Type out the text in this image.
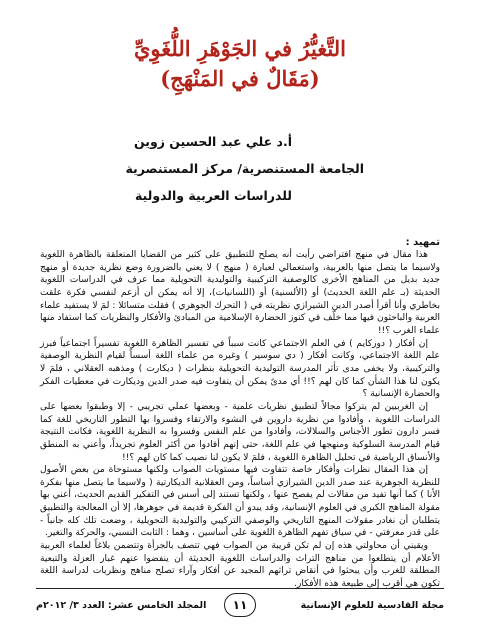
التَّغيُّرُ في الجَوْهَرِ اللُّغَوِيِّ

(مَقَالٌ في المَنْهَجِ)

أ.د علي عبد الحسين زوين

الجامعة المستنصرية/ مركز المستنصرية

للدراسات العربية والدولية

تمهيد :

هذا مقال في منهج افتراضي رأيت أنه يصلح للتطبيق على كثير من القضايا المتعلقة بالظاهرة اللغوية ولاسيما ما يتصل منها بالعربية، واستعمالي لعبارة ( منهج ) لا يعني بالضرورة وضع نظرية جديدة أو منهج جديد بديل من المناهج الأخرى كالوصفية التركيبية والتوليدية التحويلية مما عرف في الدراسات اللغوية الحديثة (بـ علم اللغة الحديث) أو (الألسنية) أو (اللسانيات)، إلا أنه يمكن أن أزعم لنفسي فكرة علقت بخاطري وأنا أقرأ أصدر الدين الشيرازي نظريته في ( التحرك الجوهري ) فقلت متسائلا : لمَ لا يستفيد علماء العربية والباحثون فيها مما خلّف في كنوز الحضارة الإسلامية من المبادئ والأفكار والنظريات كما استفاد منها علماء الغرب ؟!!

إن أفكار ( دوركايم ) في العلم الاجتماعي كانت سبباً في تفسير الظاهرة اللغوية تفسيراً اجتماعياً فبرز علم اللغة الاجتماعي، وكانت أفكار ( دي سوسير ) وغيره من علماء اللغة أسساً لقيام النظرية الوصفية والتركيبية، ولا يخفى مدى تأثر المدرسة التوليدية التحويلية بنظرات ( ديكارت ) ومذهبه العقلاني ، فلمَ لا يكون لنا هذا الشأن كما كان لهم ؟!! أي مدىً يمكن أن يتفاوت فيه صدر الدين وديكارت في معطيات الفكر والحضارة الإنسانية ؟

إن الغربيين لم يتركوا مجالاً لتطبيق نظريات علمية - وبعضها عملي تجريبي - إلا وطبقوا بعضها على الدراسات اللغوية ، وأفادوا من نظرية داروين في النشوء والارتقاء وفسروا بها التطور التاريخي للغة كما فسر دارون تطور الأجناس والسلالات، وأفادوا من علم النفس وفسروا به النظرية اللغوية، فكانت النتيجة قيام المدرسة السلوكية ومنهجها في علم اللغة، حتى إنهم أفادوا من أكثر العلوم تجريداً، وأعني به المنطق والأنساق الرياضية في تحليل الظاهرة اللغوية ، فلمَ لا يكون لنا نصيب كما كان لهم ؟!!

إن هذا المقال نظرات وأفكار خاصة تتفاوت فيها مستويات الصواب ولكنها مستوحاة من بعض الأصول للنظرية الجوهرية عند صدر الدين الشيرازي أساساً، ومن العقلانية الديكارتية ( ولاسيما ما يتصل منها بفكرة الأنا ) كما أنها تفيد من مقالات لم يفصح عنها ، ولكنها تستند إلى أسس في التفكير القديم الحديث، أعني بها مقولة المناهج الكبرى في العلوم الإنسانية، وقد يبدو أن الفكرة قديمة في جوهرها، إلا أن المعالجة والتطبيق يتطلبان أن نغادر مقولات المنهج التاريخي والوصفي التركيبي والتوليدية التحويلية ، وضعت تلك كله جانباً - على قدر معرفتي - في سياق تفهم الظاهرة اللغوية على أساسين ، وهما : الثابت النسبي، والحركة والتغير.

ويقيني أن محاولتي هذه إن لم تكن قريبة من الصواب فهي تتصف بالجرأة وتتضمن بلاغاً لعلماء العربية الأعلام أن يتطلعوا من مناهج التراث والدراسات اللغوية الحديثة أن ينفضوا عنهم غبار العزلة والتبعية المطلقة للغرب وأن يبحثوا في أنقاض تراثهم المجيد عن أفكار وآراء تصلح مناهج ونظريات لدراسة اللغة تكون هي أقرب إلى طبيعة هذه الأفكار.

مجلة القادسية للعلوم الإنسانية
١١
المجلد الخامس عشر: العدد ٣/ ٢٠١٢م
